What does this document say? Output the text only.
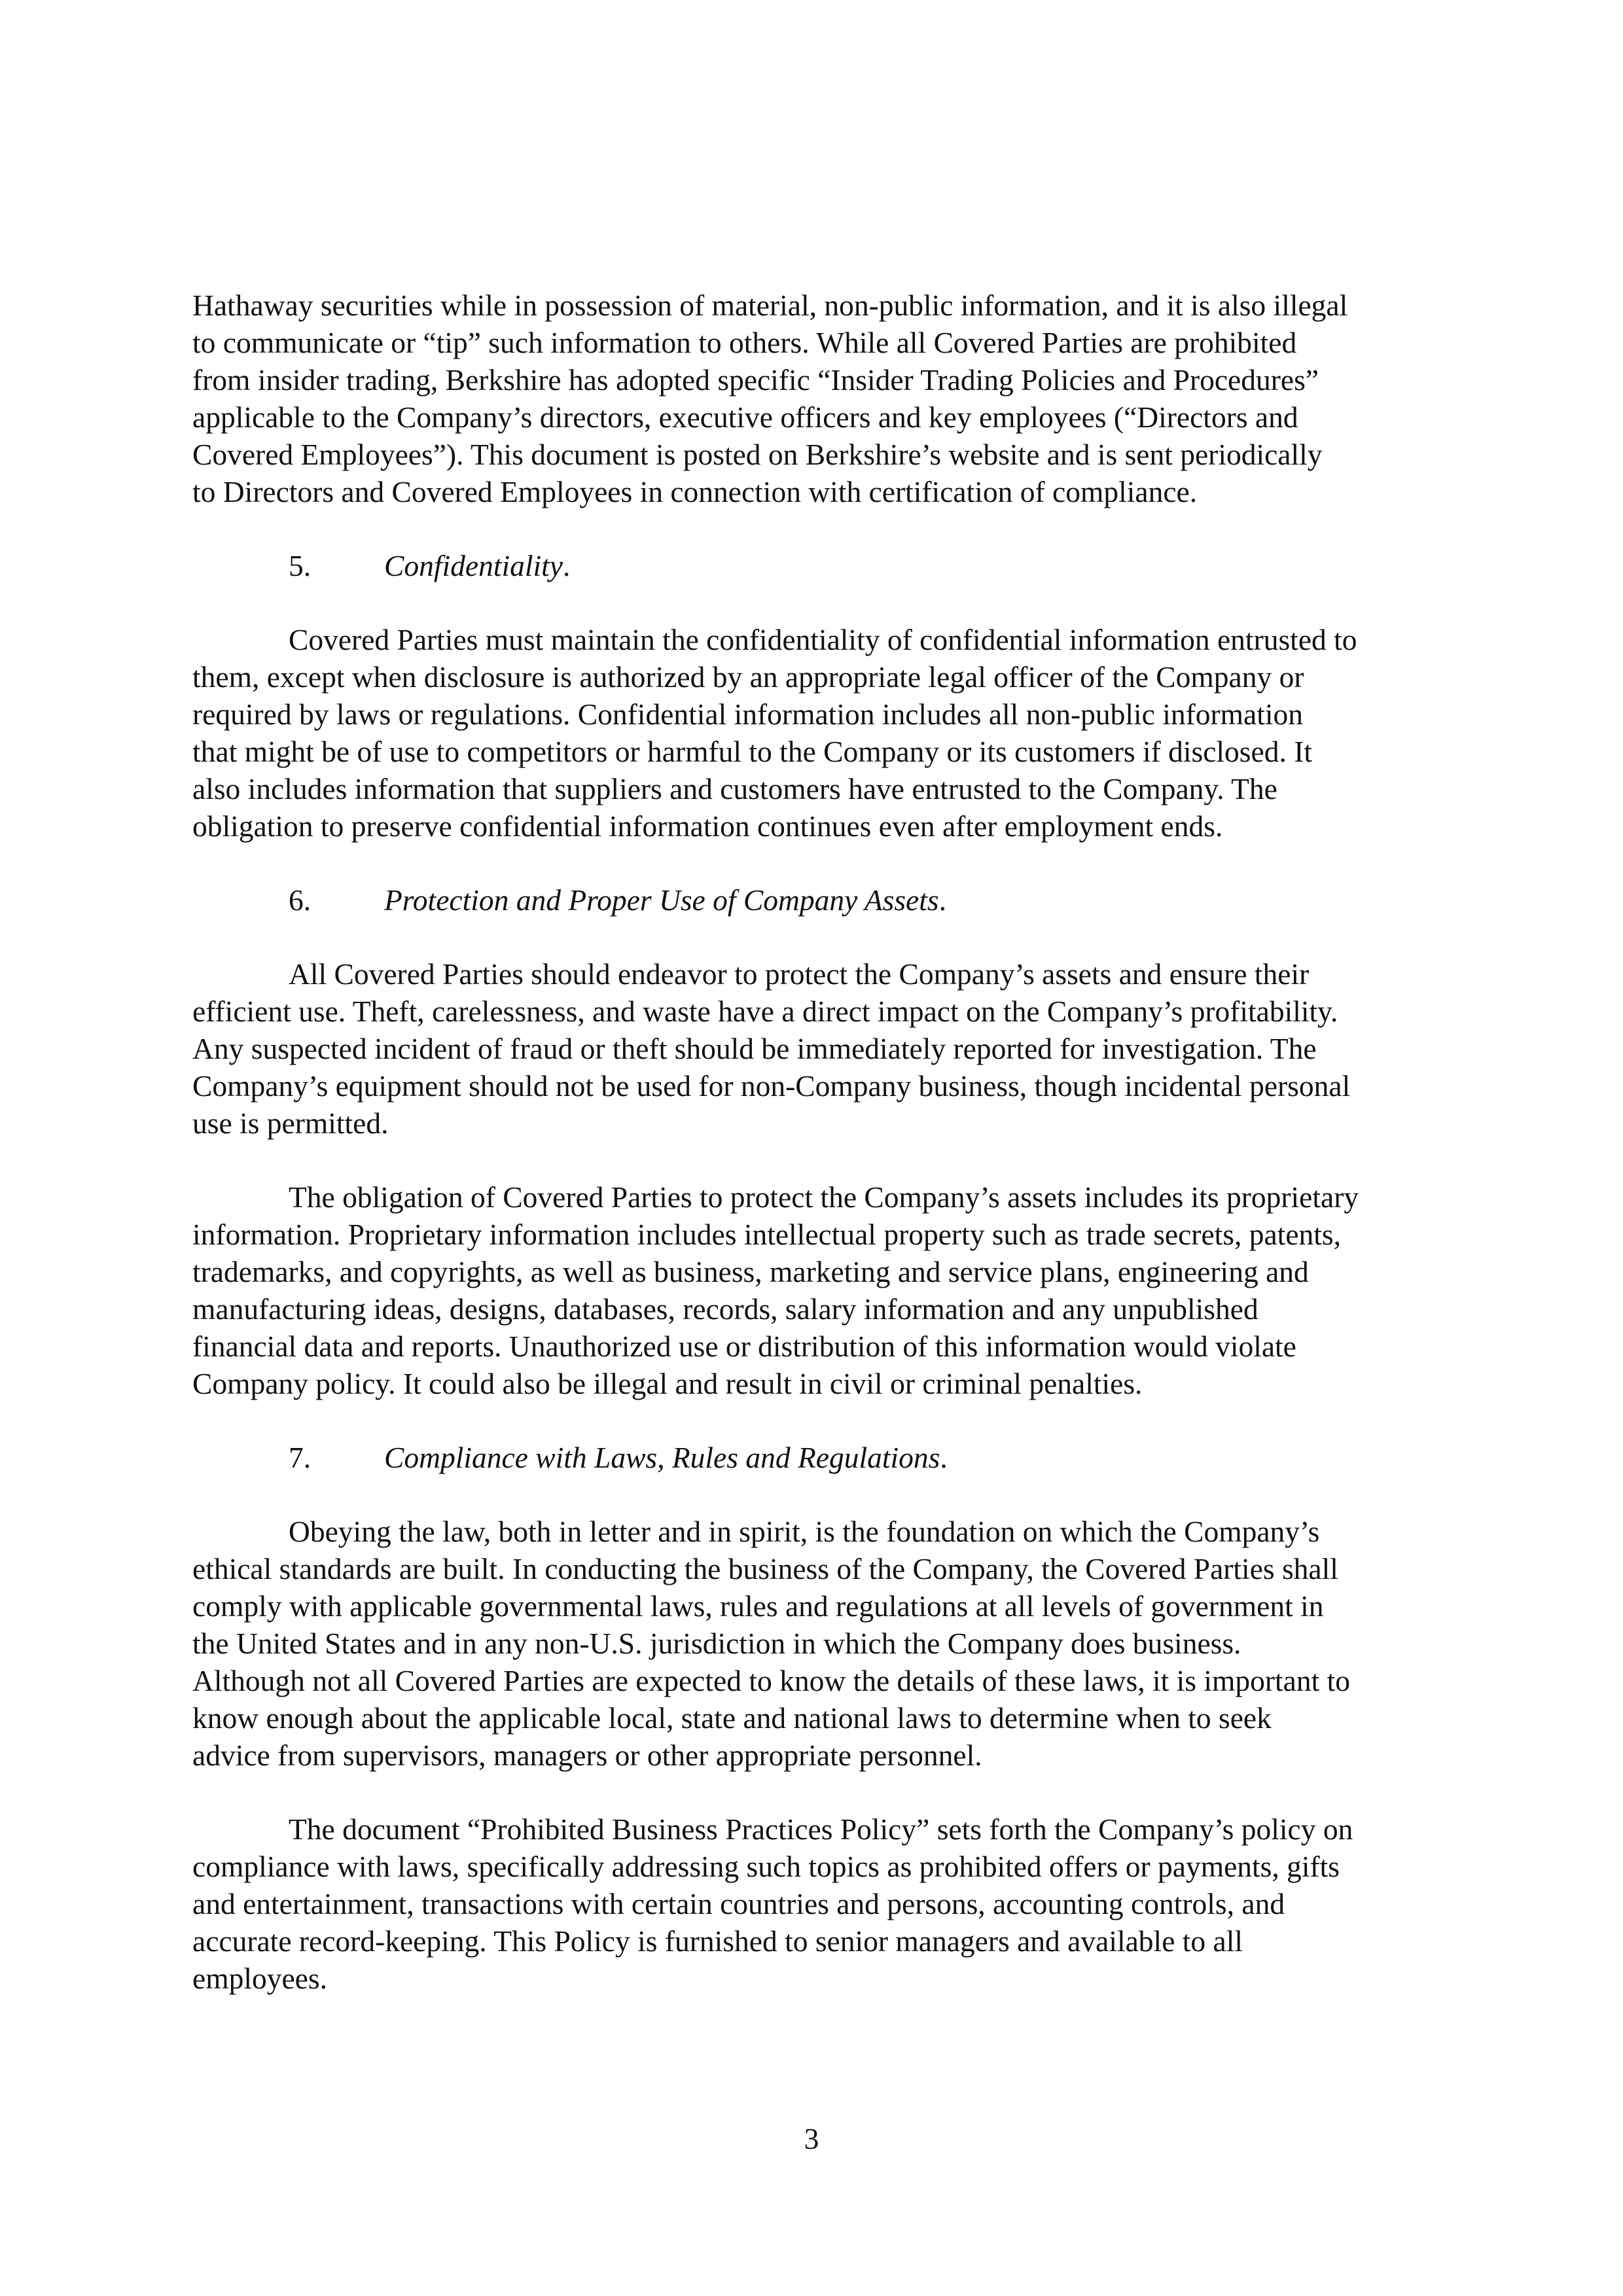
Hathaway securities while in possession of material, non-public information, and it is also illegal
to communicate or “tip” such information to others. While all Covered Parties are prohibited
from insider trading, Berkshire has adopted specific “Insider Trading Policies and Procedures”
applicable to the Company’s directors, executive officers and key employees (“Directors and
Covered Employees”). This document is posted on Berkshire’s website and is sent periodically
to Directors and Covered Employees in connection with certification of compliance.
5. Confidentiality.
Covered Parties must maintain the confidentiality of confidential information entrusted to
them, except when disclosure is authorized by an appropriate legal officer of the Company or
required by laws or regulations. Confidential information includes all non-public information
that might be of use to competitors or harmful to the Company or its customers if disclosed. It
also includes information that suppliers and customers have entrusted to the Company. The
obligation to preserve confidential information continues even after employment ends.
6. Protection and Proper Use of Company Assets.
All Covered Parties should endeavor to protect the Company’s assets and ensure their
efficient use. Theft, carelessness, and waste have a direct impact on the Company’s profitability.
Any suspected incident of fraud or theft should be immediately reported for investigation. The
Company’s equipment should not be used for non-Company business, though incidental personal
use is permitted.
The obligation of Covered Parties to protect the Company’s assets includes its proprietary
information. Proprietary information includes intellectual property such as trade secrets, patents,
trademarks, and copyrights, as well as business, marketing and service plans, engineering and
manufacturing ideas, designs, databases, records, salary information and any unpublished
financial data and reports. Unauthorized use or distribution of this information would violate
Company policy. It could also be illegal and result in civil or criminal penalties.
7. Compliance with Laws, Rules and Regulations.
Obeying the law, both in letter and in spirit, is the foundation on which the Company’s
ethical standards are built. In conducting the business of the Company, the Covered Parties shall
comply with applicable governmental laws, rules and regulations at all levels of government in
the United States and in any non-U.S. jurisdiction in which the Company does business.
Although not all Covered Parties are expected to know the details of these laws, it is important to
know enough about the applicable local, state and national laws to determine when to seek
advice from supervisors, managers or other appropriate personnel.
The document “Prohibited Business Practices Policy” sets forth the Company’s policy on
compliance with laws, specifically addressing such topics as prohibited offers or payments, gifts
and entertainment, transactions with certain countries and persons, accounting controls, and
accurate record-keeping. This Policy is furnished to senior managers and available to all
employees.
3
